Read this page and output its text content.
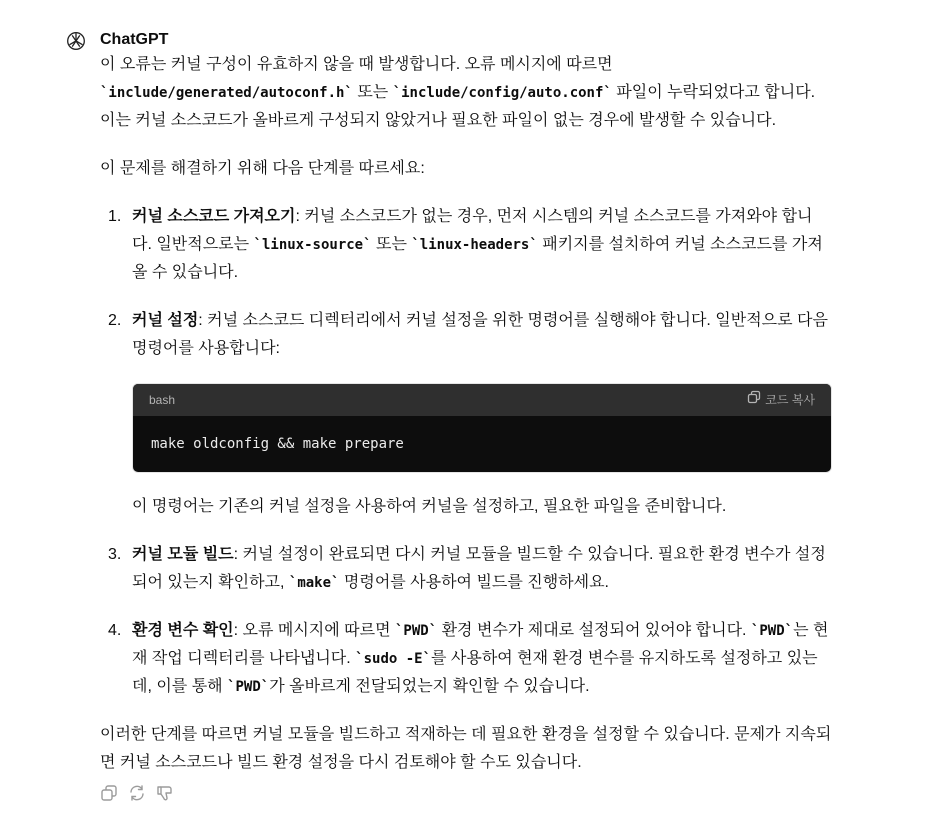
ChatGPT

이 오류는 커널 구성이 유효하지 않을 때 발생합니다. 오류 메시지에 따르면
`include/generated/autoconf.h` 또는 `include/config/auto.conf` 파일이 누락되었다고 합니다. 이는 커널 소스코드가 올바르게 구성되지 않았거나 필요한 파일이 없는 경우에 발생할 수 있습니다.

이 문제를 해결하기 위해 다음 단계를 따르세요:

1. 커널 소스코드 가져오기: 커널 소스코드가 없는 경우, 먼저 시스템의 커널 소스코드를 가져와야 합니다. 일반적으로는 `linux-source` 또는 `linux-headers` 패키지를 설치하여 커널 소스코드를 가져올 수 있습니다.
2. 커널 설정: 커널 소스코드 디렉터리에서 커널 설정을 위한 명령어를 실행해야 합니다. 일반적으로 다음 명령어를 사용합니다:
bash	코드 복사
make oldconfig && make prepare
이 명령어는 기존의 커널 설정을 사용하여 커널을 설정하고, 필요한 파일을 준비합니다.
3. 커널 모듈 빌드: 커널 설정이 완료되면 다시 커널 모듈을 빌드할 수 있습니다. 필요한 환경 변수가 설정되어 있는지 확인하고, `make` 명령어를 사용하여 빌드를 진행하세요.
4. 환경 변수 확인: 오류 메시지에 따르면 `PWD` 환경 변수가 제대로 설정되어 있어야 합니다. `PWD`는 현재 작업 디렉터리를 나타냅니다. `sudo -E`를 사용하여 현재 환경 변수를 유지하도록 설정하고 있는데, 이를 통해 `PWD`가 올바르게 전달되었는지 확인할 수 있습니다.

이러한 단계를 따르면 커널 모듈을 빌드하고 적재하는 데 필요한 환경을 설정할 수 있습니다. 문제가 지속되면 커널 소스코드나 빌드 환경 설정을 다시 검토해야 할 수도 있습니다.
